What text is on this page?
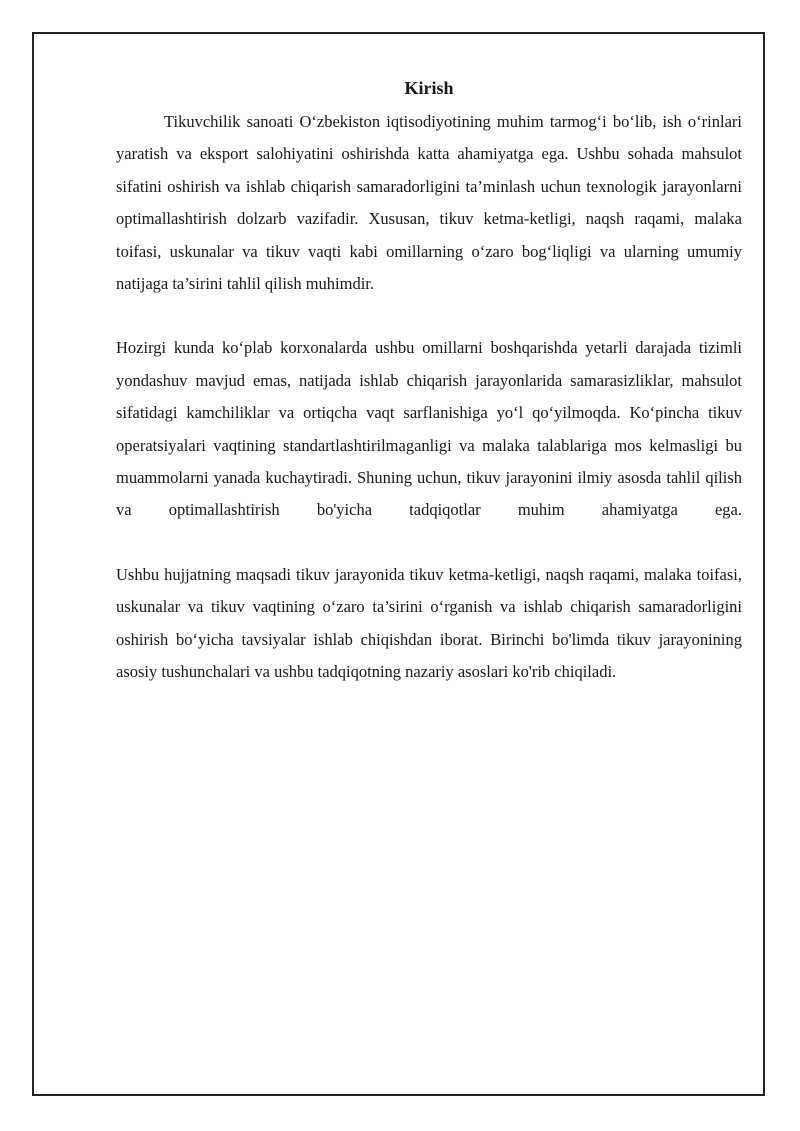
Kirish

Tikuvchilik sanoati O‘zbekiston iqtisodiyotining muhim tarmog‘i bo‘lib, ish o‘rinlari yaratish va eksport salohiyatini oshirishda katta ahamiyatga ega. Ushbu sohada mahsulot sifatini oshirish va ishlab chiqarish samaradorligini ta’minlash uchun texnologik jarayonlarni optimallashtirish dolzarb vazifadir. Xususan, tikuv ketma-ketligi, naqsh raqami, malaka toifasi, uskunalar va tikuv vaqti kabi omillarning o‘zaro bog‘liqligi va ularning umumiy natijaga ta’sirini tahlil qilish muhimdir.

Hozirgi kunda ko‘plab korxonalarda ushbu omillarni boshqarishda yetarli darajada tizimli yondashuv mavjud emas, natijada ishlab chiqarish jarayonlarida samarasizliklar, mahsulot sifatidagi kamchiliklar va ortiqcha vaqt sarflanishiga yo‘l qo‘yilmoqda. Ko‘pincha tikuv operatsiyalari vaqtining standartlashtirilmaganligi va malaka talablariga mos kelmasligi bu muammolarni yanada kuchaytiradi. Shuning uchun, tikuv jarayonini ilmiy asosda tahlil qilish va optimallashtirish bo'yicha tadqiqotlar muhim ahamiyatga ega.

Ushbu hujjatning maqsadi tikuv jarayonida tikuv ketma-ketligi, naqsh raqami, malaka toifasi, uskunalar va tikuv vaqtining o‘zaro ta’sirini o‘rganish va ishlab chiqarish samaradorligini oshirish bo‘yicha tavsiyalar ishlab chiqishdan iborat. Birinchi bo'limda tikuv jarayonining asosiy tushunchalari va ushbu tadqiqotning nazariy asoslari ko'rib chiqiladi.
